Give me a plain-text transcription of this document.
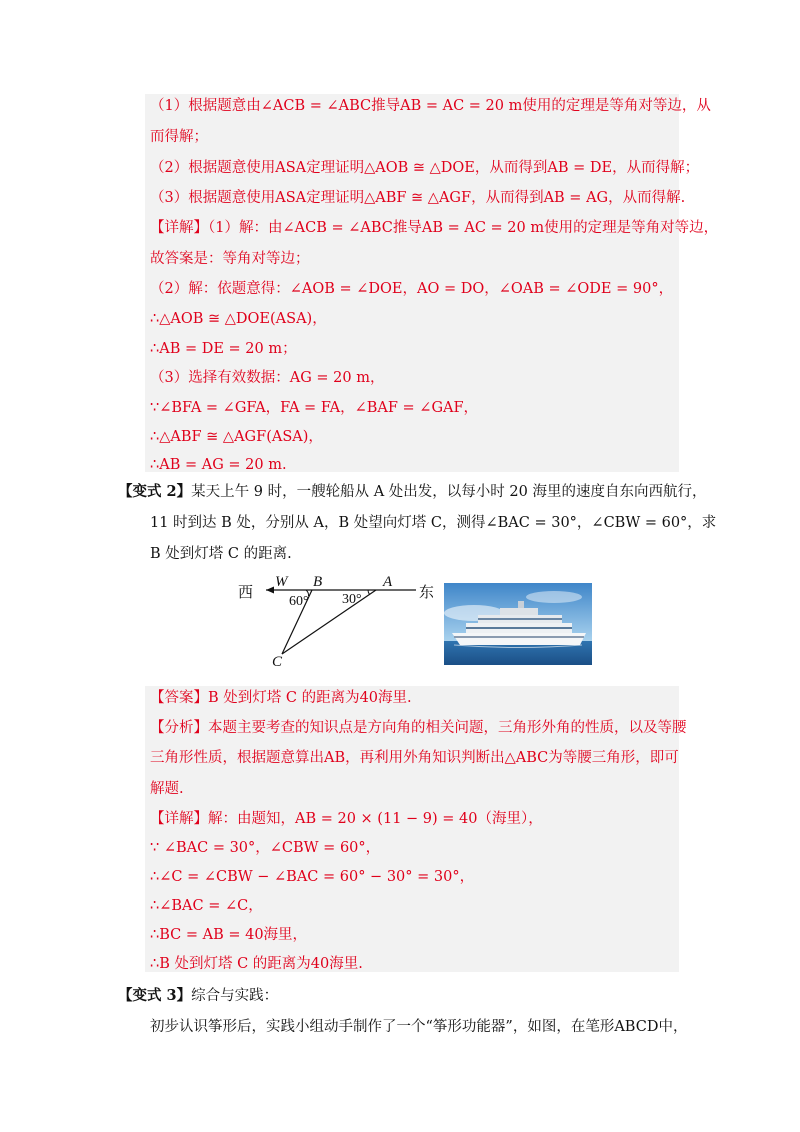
（1）根据题意由∠ACB = ∠ABC推导AB = AC = 20 m使用的定理是等角对等边，从
而得解；
（2）根据题意使用ASA定理证明△AOB ≅ △DOE，从而得到AB = DE，从而得解；
（3）根据题意使用ASA定理证明△ABF ≅ △AGF，从而得到AB = AG，从而得解.
【详解】（1）解：由∠ACB = ∠ABC推导AB = AC = 20 m使用的定理是等角对等边，
故答案是：等角对等边；
（2）解：依题意得：∠AOB = ∠DOE，AO = DO，∠OAB = ∠ODE = 90°，
∴△AOB ≅ △DOE(ASA)，
∴AB = DE = 20 m；
（3）选择有效数据：AG = 20 m，
∵∠BFA = ∠GFA，FA = FA，∠BAF = ∠GAF，
∴△ABF ≅ △AGF(ASA)，
∴AB = AG = 20 m.
【变式 2】某天上午 9 时，一艘轮船从 A 处出发，以每小时 20 海里的速度自东向西航行，
11 时到达 B 处，分别从 A，B 处望向灯塔 C，测得∠BAC = 30°，∠CBW = 60°，求
B 处到灯塔 C 的距离.
西	东
W B	A
C
60° 30°
【答案】B 处到灯塔 C 的距离为40海里.
【分析】本题主要考查的知识点是方向角的相关问题，三角形外角的性质，以及等腰
三角形性质，根据题意算出AB，再利用外角知识判断出△ABC为等腰三角形，即可
解题.
【详解】解：由题知，AB = 20 × (11 − 9) = 40（海里），
∵ ∠BAC = 30°，∠CBW = 60°，
∴∠C = ∠CBW − ∠BAC = 60° − 30° = 30°，
∴∠BAC = ∠C，
∴BC = AB = 40海里，
∴B 处到灯塔 C 的距离为40海里.
【变式 3】综合与实践：
初步认识筝形后，实践小组动手制作了一个“筝形功能器”，如图，在笔形ABCD中，
